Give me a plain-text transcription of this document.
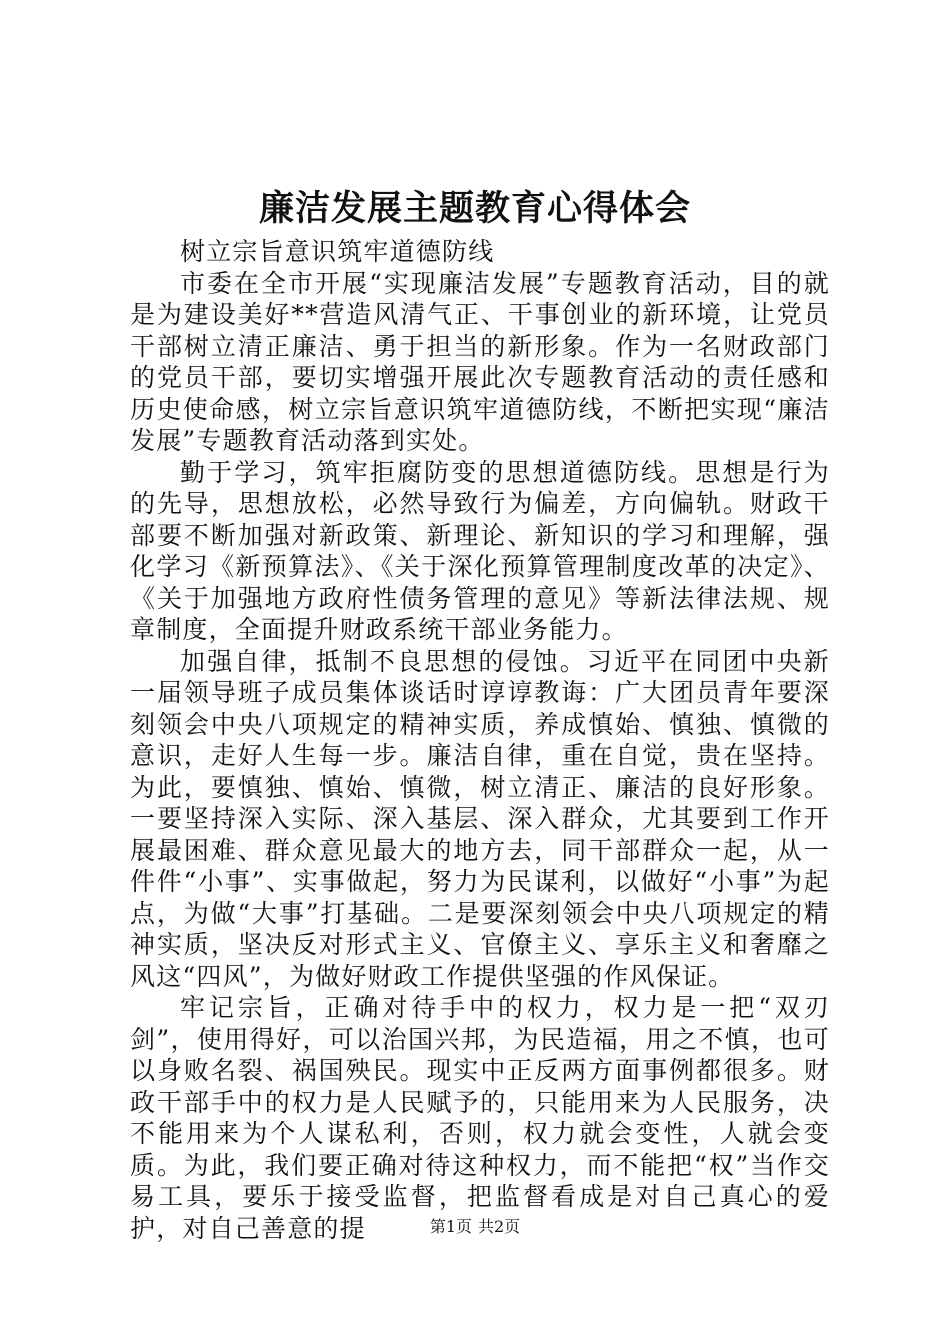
廉洁发展主题教育心得体会

树立宗旨意识筑牢道德防线

市委在全市开展“实现廉洁发展”专题教育活动，目的就是为建设美好**营造风清气正、干事创业的新环境，让党员干部树立清正廉洁、勇于担当的新形象。作为一名财政部门的党员干部，要切实增强开展此次专题教育活动的责任感和历史使命感，树立宗旨意识筑牢道德防线，不断把实现“廉洁发展”专题教育活动落到实处。

勤于学习，筑牢拒腐防变的思想道德防线。思想是行为的先导，思想放松，必然导致行为偏差，方向偏轨。财政干部要不断加强对新政策、新理论、新知识的学习和理解，强化学习《新预算法》、《关于深化预算管理制度改革的决定》、《关于加强地方政府性债务管理的意见》等新法律法规、规章制度，全面提升财政系统干部业务能力。

加强自律，抵制不良思想的侵蚀。习近平在同团中央新一届领导班子成员集体谈话时谆谆教诲：广大团员青年要深刻领会中央八项规定的精神实质，养成慎始、慎独、慎微的意识，走好人生每一步。廉洁自律，重在自觉，贵在坚持。为此，要慎独、慎始、慎微，树立清正、廉洁的良好形象。一要坚持深入实际、深入基层、深入群众，尤其要到工作开展最困难、群众意见最大的地方去，同干部群众一起，从一件件“小事”、实事做起，努力为民谋利，以做好“小事”为起点，为做“大事”打基础。二是要深刻领会中央八项规定的精神实质，坚决反对形式主义、官僚主义、享乐主义和奢靡之风这“四风”，为做好财政工作提供坚强的作风保证。

牢记宗旨，正确对待手中的权力，权力是一把“双刃剑”，使用得好，可以治国兴邦，为民造福，用之不慎，也可以身败名裂、祸国殃民。现实中正反两方面事例都很多。财政干部手中的权力是人民赋予的，只能用来为人民服务，决不能用来为个人谋私利，否则，权力就会变性，人就会变质。为此，我们要正确对待这种权力，而不能把“权”当作交易工具，要乐于接受监督，把监督看成是对自己真心的爱护，对自己善意的提	第1页 共2页
